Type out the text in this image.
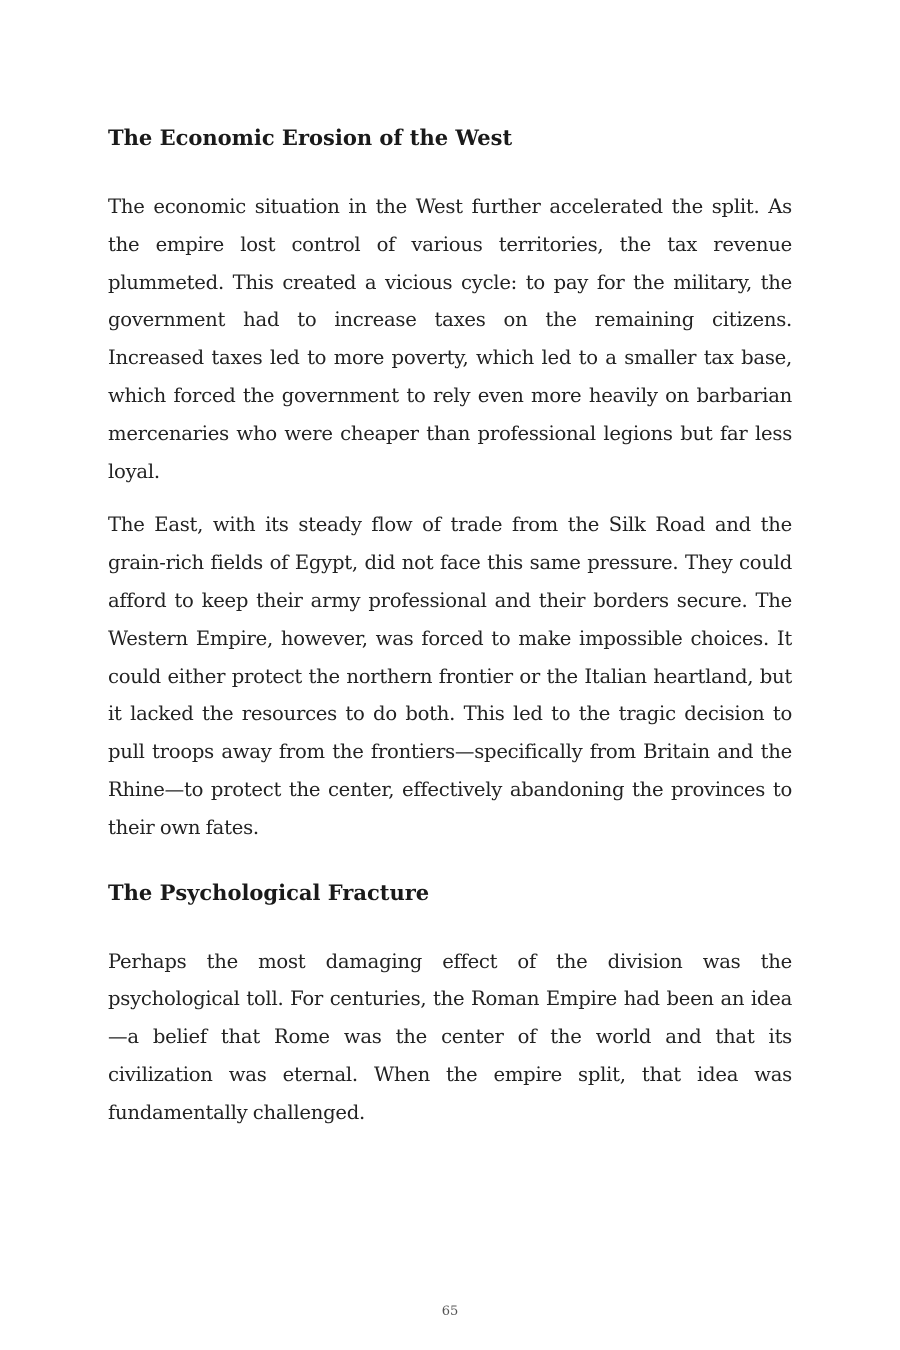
The Economic Erosion of the West

The economic situation in the West further accelerated the split. As the empire lost control of various territories, the tax revenue plummeted. This created a vicious cycle: to pay for the military, the government had to increase taxes on the remaining citizens. Increased taxes led to more poverty, which led to a smaller tax base, which forced the government to rely even more heavily on barbarian mercenaries who were cheaper than professional legions but far less loyal.

The East, with its steady flow of trade from the Silk Road and the grain-rich fields of Egypt, did not face this same pressure. They could afford to keep their army professional and their borders secure. The Western Empire, however, was forced to make impossible choices. It could either protect the northern frontier or the Italian heartland, but it lacked the resources to do both. This led to the tragic decision to pull troops away from the frontiers—specifically from Britain and the Rhine—to protect the center, effectively abandoning the provinces to their own fates.

The Psychological Fracture

Perhaps the most damaging effect of the division was the psychological toll. For centuries, the Roman Empire had been an idea—a belief that Rome was the center of the world and that its civilization was eternal. When the empire split, that idea was fundamentally challenged.

65
